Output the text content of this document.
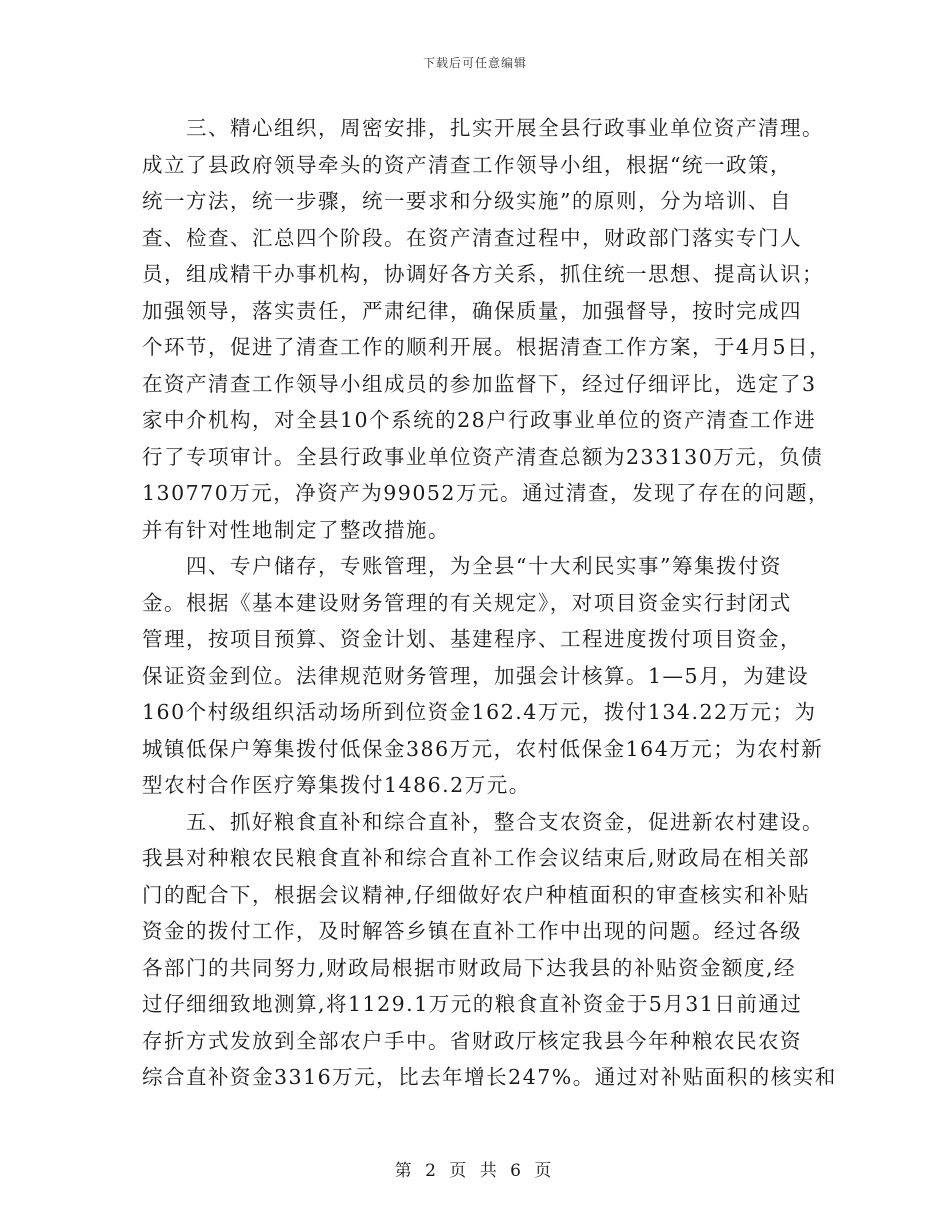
下载后可任意编辑
三、精心组织，周密安排，扎实开展全县行政事业单位资产清理。
成立了县政府领导牵头的资产清查工作领导小组，根据“统一政策，
统一方法，统一步骤，统一要求和分级实施”的原则，分为培训、自
查、检查、汇总四个阶段。在资产清查过程中，财政部门落实专门人
员，组成精干办事机构，协调好各方关系，抓住统一思想、提高认识；
加强领导，落实责任，严肃纪律，确保质量，加强督导，按时完成四
个环节，促进了清查工作的顺利开展。根据清查工作方案，于4月5日，
在资产清查工作领导小组成员的参加监督下，经过仔细评比，选定了3
家中介机构，对全县10个系统的28户行政事业单位的资产清查工作进
行了专项审计。全县行政事业单位资产清查总额为233130万元，负债
130770万元，净资产为99052万元。通过清查，发现了存在的问题，
并有针对性地制定了整改措施。
四、专户储存，专账管理，为全县“十大利民实事”筹集拨付资
金。根据《基本建设财务管理的有关规定》，对项目资金实行封闭式
管理，按项目预算、资金计划、基建程序、工程进度拨付项目资金，
保证资金到位。法律规范财务管理，加强会计核算。1—5月，为建设
160个村级组织活动场所到位资金162.4万元，拨付134.22万元；为
城镇低保户筹集拨付低保金386万元，农村低保金164万元；为农村新
型农村合作医疗筹集拨付1486.2万元。
五、抓好粮食直补和综合直补，整合支农资金，促进新农村建设。
我县对种粮农民粮食直补和综合直补工作会议结束后,财政局在相关部
门的配合下，根据会议精神,仔细做好农户种植面积的审查核实和补贴
资金的拨付工作，及时解答乡镇在直补工作中出现的问题。经过各级
各部门的共同努力,财政局根据市财政局下达我县的补贴资金额度,经
过仔细细致地测算,将1129.1万元的粮食直补资金于5月31日前通过
存折方式发放到全部农户手中。省财政厅核定我县今年种粮农民农资
综合直补资金3316万元，比去年增长247%。通过对补贴面积的核实和
第 2 页 共 6 页
